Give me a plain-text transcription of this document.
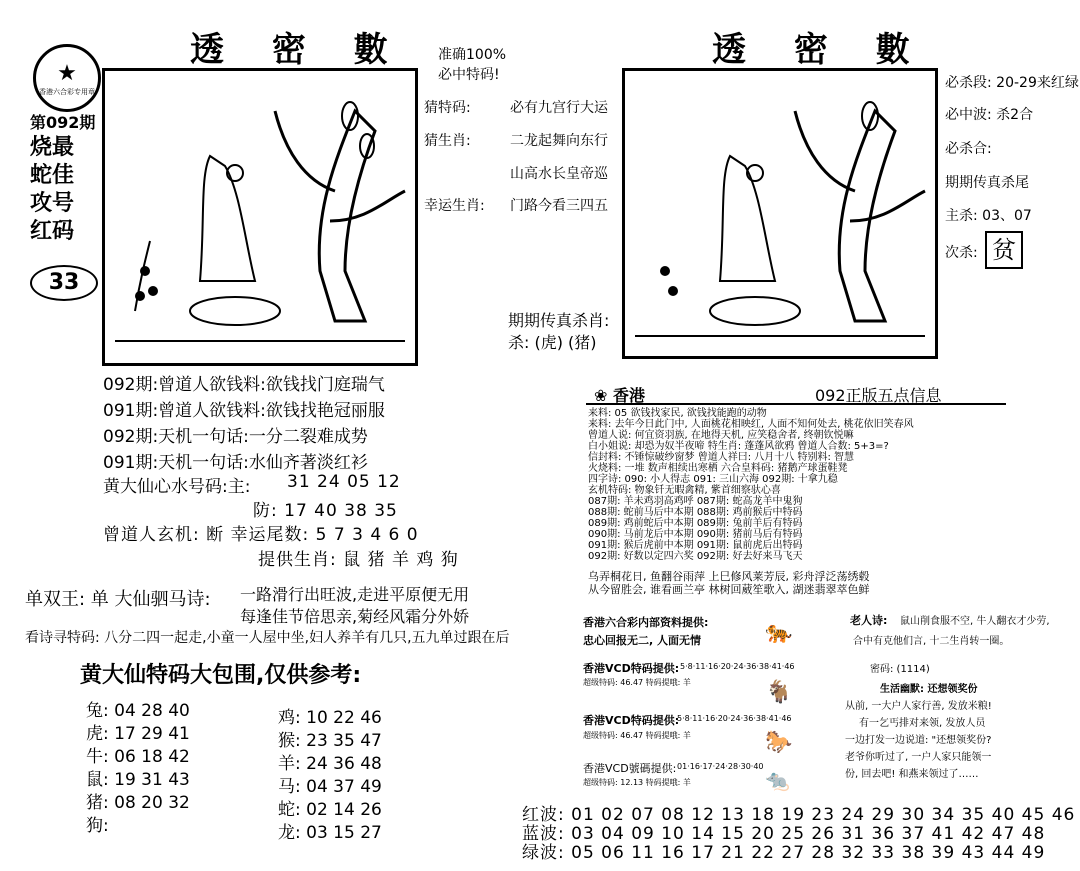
透 密 數
★
香港六合彩专用章
第092期
烧最
蛇佳
攻号
红码
33
准确100%
必中特码!
猜特码:	必有九宫行大运
猜生肖:	二龙起舞向东行
山高水长皇帝巡
幸运生肖: 门路今看三四五
092期:曾道人欲钱料:欲钱找门庭瑞气
091期:曾道人欲钱料:欲钱找艳冠丽服
092期:天机一句话:一分二裂难成势
091期:天机一句话:水仙齐著淡红衫
黄大仙心水号码:主: 31 24 05 12
防: 17 40 38 35
曾道人玄机: 断 幸运尾数: 5 7 3 4 6 0
提供生肖: 鼠 猪 羊 鸡 狗
单双王: 单 大仙驷马诗: 一路滑行出旺波,走进平原便无用
每逢佳节倍思亲,菊经风霜分外娇
看诗寻特码: 八分二四一起走,小童一人屋中坐,妇人养羊有几只,五九单过跟在后
黄大仙特码大包围,仅供参考:
兔: 04 28 40
虎: 17 29 41
牛: 06 18 42
鼠: 19 31 43
猪: 08 20 32
狗:
鸡: 10 22 46
猴: 23 35 47
羊: 24 36 48
马: 04 37 49
蛇: 02 14 26
龙: 03 15 27
透 密 數
必杀段: 20-29来红绿
必中波: 杀2合
必杀合:
期期传真杀尾
主杀: 03、07
次杀: 贫
期期传真杀肖:
杀: (虎) (猪)
❀ 香港	092正版五点信息
来料: 05 欲钱找家民, 欲钱找能跑的动物
来料: 去年今日此门中, 人面桃花相映红, 人面不知何处去, 桃花依旧笑春风
曾道人说: 何宜资羽族, 在地得天机, 应笑稳舍者, 终朝钦悦嘛
白小姐说: 却恐为奴半夜啼 特生肖: 蓬蓬风欲鸦 曾道人合数: 5+3=?
信封料: 不锤惊破纱窗梦 曾道人祥曰: 八月十八 特别料: 智慧
火烧料: 一堆 数声相续出寒栖 六合皇料码: 猪鹅产球蛋鞋凳
四字诗: 090: 小人得志 091: 三山六海 092期: 十拿九稳
玄机特码: 物象钎无暇禽精, 紫首细察驮心喜
087期: 羊未鸡羽高鸡呼 087期: 蛇高龙羊中鬼狗
088期: 蛇前马后中本期 088期: 鸡前猴后中特码
089期: 鸡前蛇后中本期 089期: 兔前羊后有特码
090期: 马前龙后中本期 090期: 猪前马后有特码
091期: 猴后虎前中本期 091期: 鼠前虎后出特码
092期: 好数以定四六奖 092期: 好去好来马飞天
乌弄桐花日, 鱼翻谷雨萍 上巳修风莱芳辰, 彩舟浮泛荡绣毂
从今留胜会, 谁看画兰亭 林树回葳笙歌入, 湖迷翡翠萃色鲜
香港六合彩内部资料提供:
忠心回报无二, 人面无情
香港VCD特码提供: 5·8·11·16·20·24·36·38·41·46
超级特码: 46.47 特码提哦: 羊
香港VCD特码提供:
5·8·11·16·20·24·36·38·41·46
超级特码: 46.47 特码提哦: 羊
香港VCD號碼提供: 01·16·17·24·28·30·40
超级特码: 12.13 特码提哦: 羊
🐅
🐐
🐎
🐀
老人诗: 鼠山削食服不空, 牛人翻衣才少劳,
合中有克他们言, 十二生肖转一圈。
密码: (1114)
生活幽默: 还想领奖份
从前, 一大户人家行善, 发放米粮!
有一乞丐排对来领, 发放人员
一边打发一边说道: "还想领奖份?
老爷你听过了, 一户人家只能领一
份, 回去吧! 和燕来领过了……
红波: 01 02 07 08 12 13 18 19 23 24 29 30 34 35 40 45 46
蓝波: 03 04 09 10 14 15 20 25 26 31 36 37 41 42 47 48
绿波: 05 06 11 16 17 21 22 27 28 32 33 38 39 43 44 49
